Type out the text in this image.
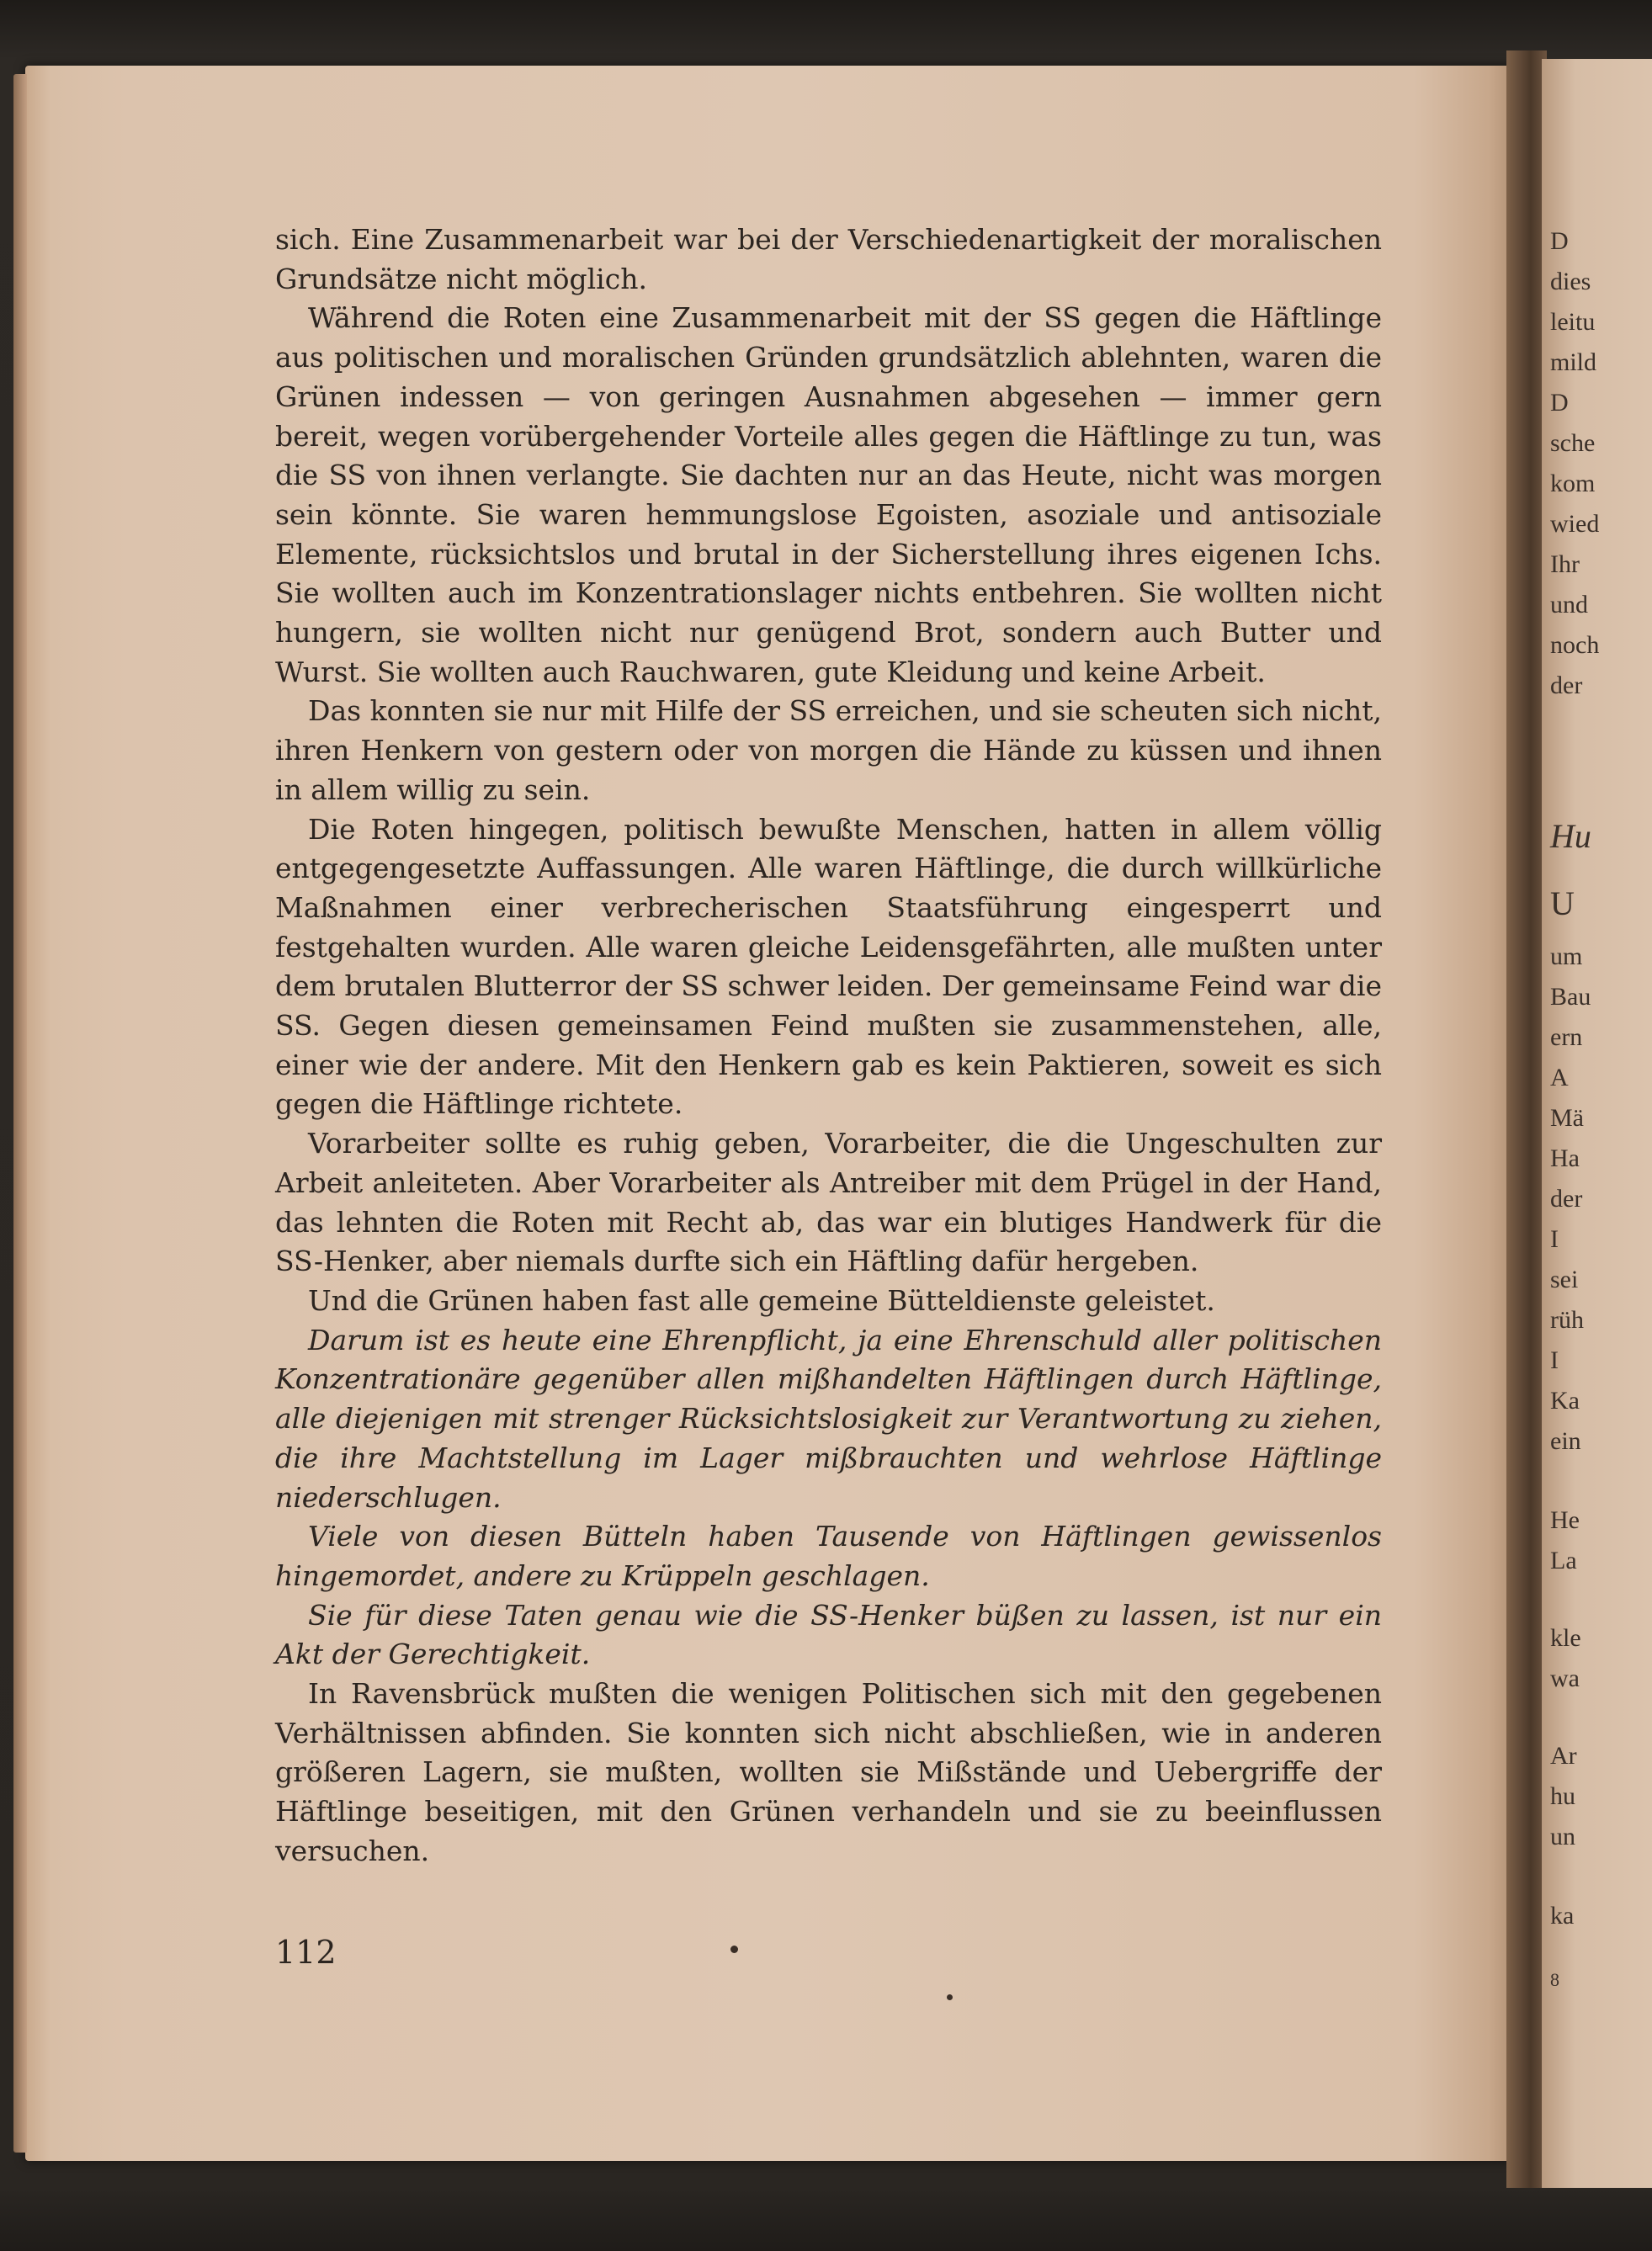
D
dies
leitu
mild
D
sche
kom
wied
Ihr
und
noch
der
Hu
U
um
Bau
ern
A
Mä
Ha
der
I
sei
rüh
I
Ka
ein
He
La
kle
wa
Ar
hu
un
ka
8

sich. Eine Zusammenarbeit war bei der Verschiedenartigkeit der moralischen Grundsätze nicht möglich.

Während die Roten eine Zusammenarbeit mit der SS gegen die Häftlinge aus politischen und moralischen Gründen grundsätzlich ablehnten, waren die Grünen indessen — von geringen Ausnahmen abgesehen — immer gern bereit, wegen vorübergehender Vorteile alles gegen die Häftlinge zu tun, was die SS von ihnen verlangte. Sie dachten nur an das Heute, nicht was morgen sein könnte. Sie waren hemmungslose Egoisten, asoziale und antisoziale Elemente, rücksichtslos und brutal in der Sicherstellung ihres eigenen Ichs. Sie wollten auch im Konzentrationslager nichts entbehren. Sie wollten nicht hungern, sie wollten nicht nur genügend Brot, sondern auch Butter und Wurst. Sie wollten auch Rauchwaren, gute Kleidung und keine Arbeit.

Das konnten sie nur mit Hilfe der SS erreichen, und sie scheuten sich nicht, ihren Henkern von gestern oder von morgen die Hände zu küssen und ihnen in allem willig zu sein.

Die Roten hingegen, politisch bewußte Menschen, hatten in allem völlig entgegengesetzte Auffassungen. Alle waren Häftlinge, die durch willkürliche Maßnahmen einer verbrecherischen Staatsführung eingesperrt und festgehalten wurden. Alle waren gleiche Leidensgefährten, alle mußten unter dem brutalen Blutterror der SS schwer leiden. Der gemeinsame Feind war die SS. Gegen diesen gemeinsamen Feind mußten sie zusammenstehen, alle, einer wie der andere. Mit den Henkern gab es kein Paktieren, soweit es sich gegen die Häftlinge richtete.

Vorarbeiter sollte es ruhig geben, Vorarbeiter, die die Ungeschulten zur Arbeit anleiteten. Aber Vorarbeiter als Antreiber mit dem Prügel in der Hand, das lehnten die Roten mit Recht ab, das war ein blutiges Handwerk für die SS-Henker, aber niemals durfte sich ein Häftling dafür hergeben.

Und die Grünen haben fast alle gemeine Bütteldienste geleistet.

Darum ist es heute eine Ehrenpflicht, ja eine Ehrenschuld aller politischen Konzentrationäre gegenüber allen mißhandelten Häftlingen durch Häftlinge, alle diejenigen mit strenger Rücksichtslosigkeit zur Verantwortung zu ziehen, die ihre Machtstellung im Lager mißbrauchten und wehrlose Häftlinge niederschlugen.

Viele von diesen Bütteln haben Tausende von Häftlingen gewissenlos hingemordet, andere zu Krüppeln geschlagen.

Sie für diese Taten genau wie die SS-Henker büßen zu lassen, ist nur ein Akt der Gerechtigkeit.

In Ravensbrück mußten die wenigen Politischen sich mit den gegebenen Verhältnissen abfinden. Sie konnten sich nicht abschließen, wie in anderen größeren Lagern, sie mußten, wollten sie Mißstände und Uebergriffe der Häftlinge beseitigen, mit den Grünen verhandeln und sie zu beeinflussen versuchen.

112
